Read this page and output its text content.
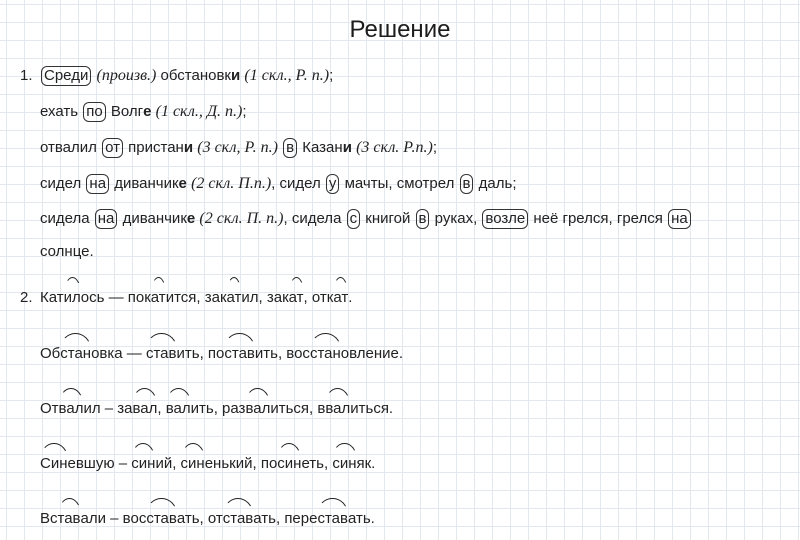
Решение
1. Среди (произв.) обстановки (1 скл., Р. п.);
ехать по Волге (1 скл., Д. п.);
отвалил от пристани (3 скл, Р. п.) в Казани (3 скл. Р.п.);
сидел на диванчике (2 скл. П.п.), сидел у мачты, смотрел в даль;
сидела на диванчике (2 скл. П. п.), сидела с книгой в руках, возле неё грелся, грелся на
солнце.
2. Катилось — покатится, закатил, закат, откат.
Обстановка — ставить, поставить, восстановление.
Отвалил – завал, валить, развалиться, ввалиться.
Синевшую – синий, синенький, посинеть, синяк.
Вставали – восставать, отставать, переставать.
